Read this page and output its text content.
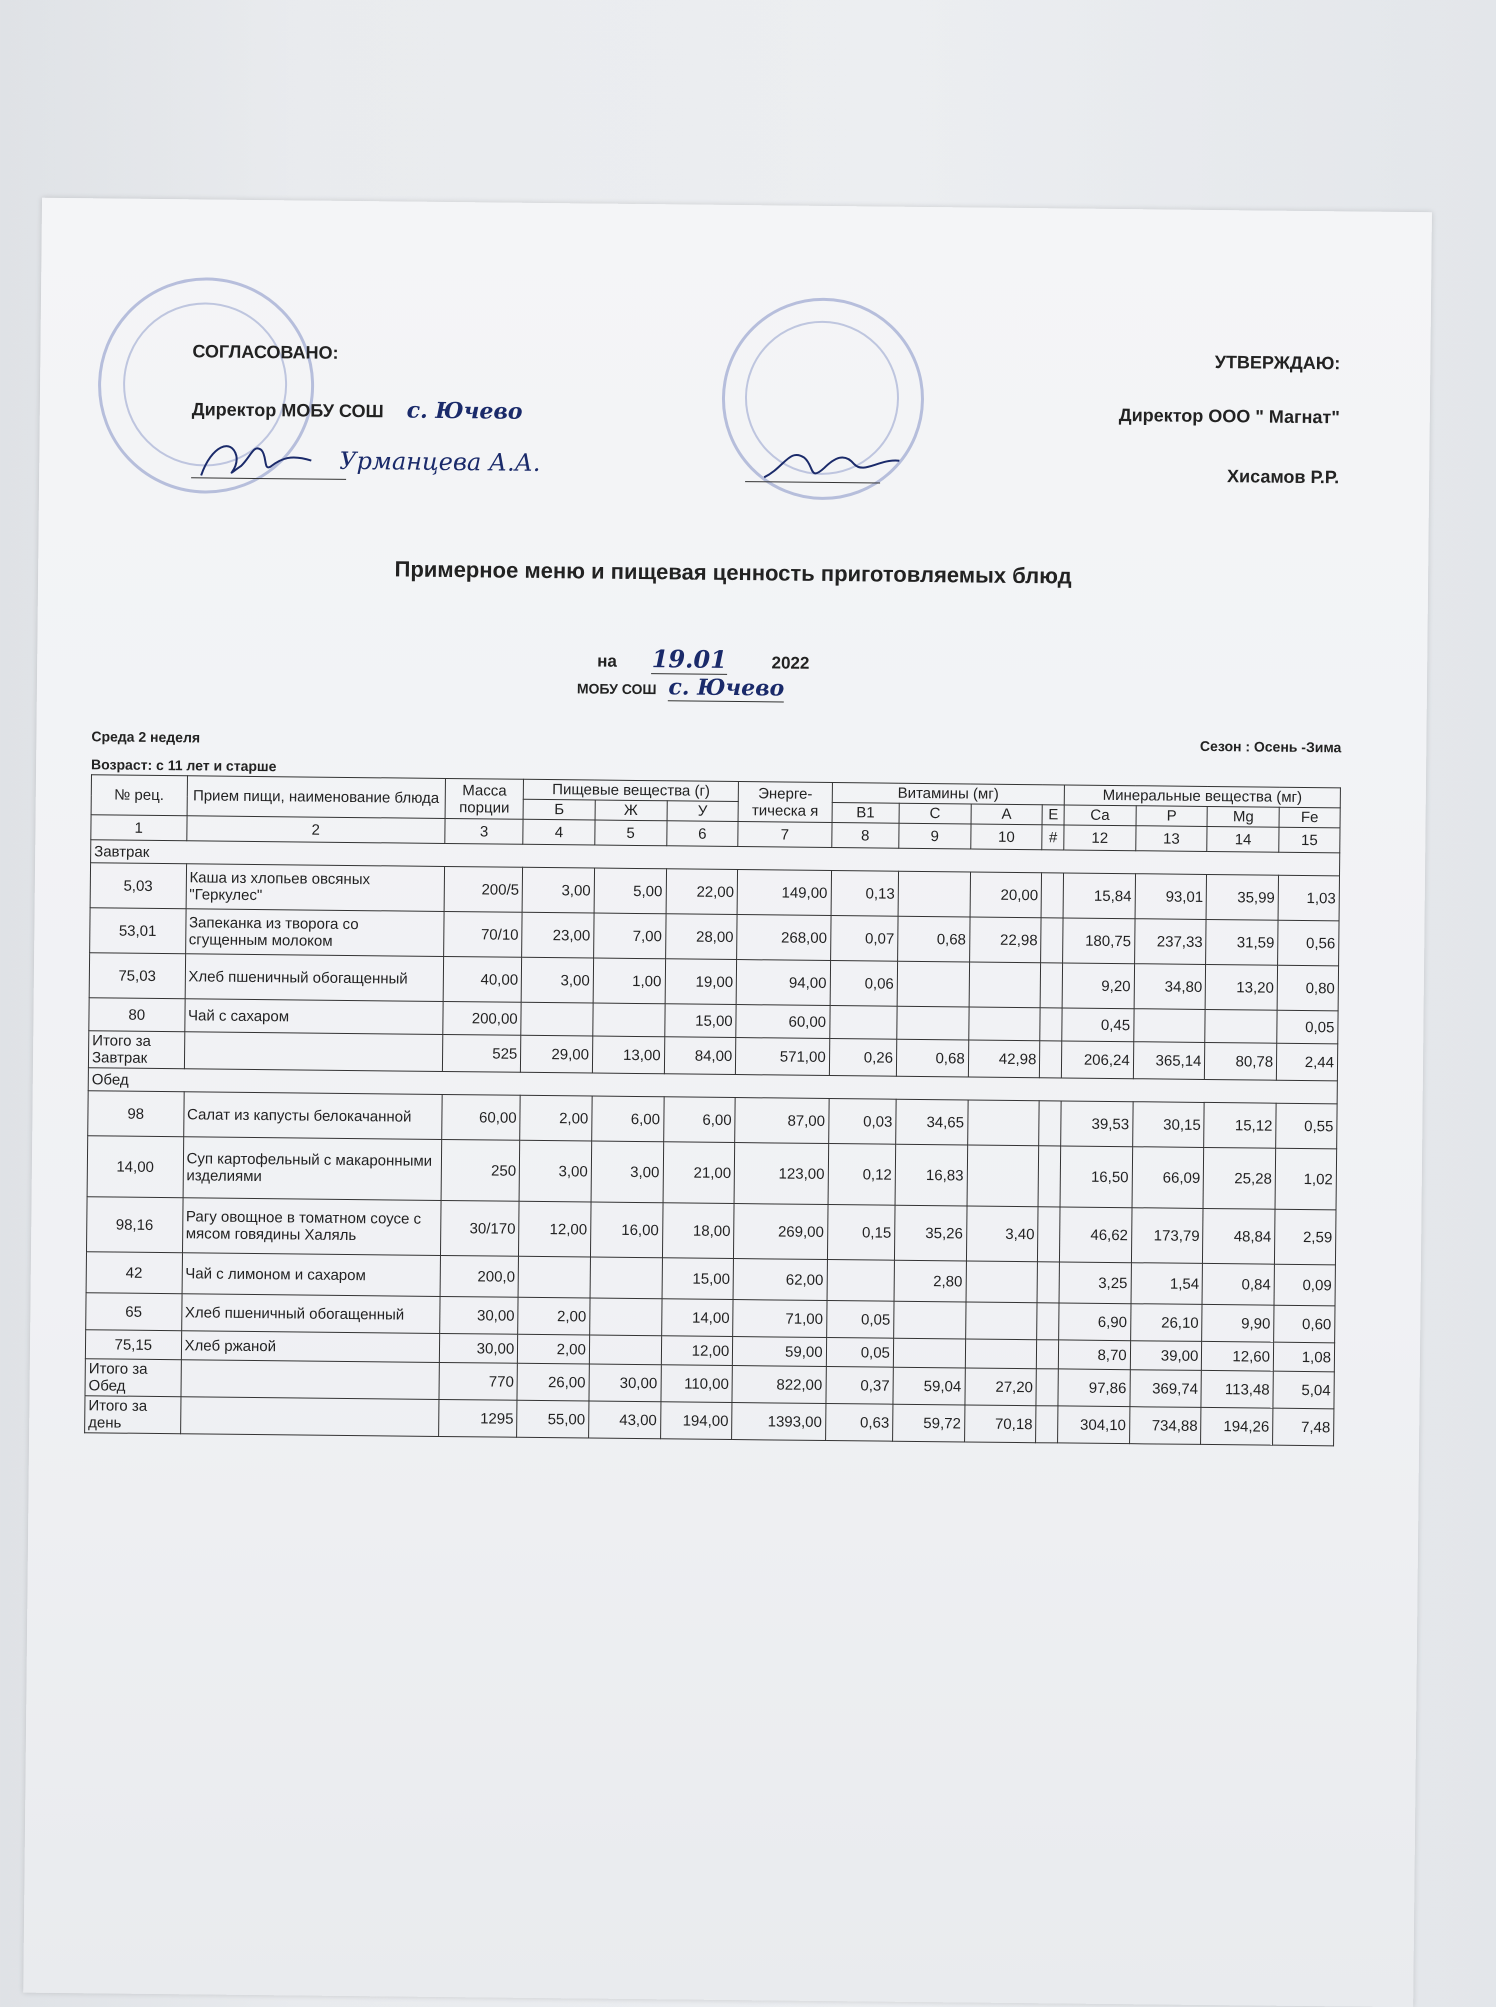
СОГЛАСОВАНО:	УТВЕРЖДАЮ:
Директор МОБУ СОШ с. Ючево	Директор ООО " Магнат"
Урманцева А.А.	Хисамов Р.Р.
Примерное меню и пищевая ценность приготовляемых блюд
на 19.01	2022
МОБУ СОШ с. Ючево
Среда 2 неделя
Сезон : Осень -Зима
Возраст: с 11 лет и старше
№ рец.	Прием пищи, наименование блюда	Масса порции	Пищевые вещества (г)			Энерге-тическа я	Витамины (мг)				Минеральные вещества (мг)			
			Б	Ж	У		В1	С	А	Е	Са	Р	Mg	Fe
1	2	3	4	5	6	7	8	9	10	#	12	13	14	15
Завтрак														
5,03	Каша из хлопьев овсяных "Геркулес"	200/5	3,00	5,00	22,00	149,00	0,13		20,00		15,84	93,01	35,99	1,03
53,01	Запеканка из творога со сгущенным молоком	70/10	23,00	7,00	28,00	268,00	0,07	0,68	22,98		180,75	237,33	31,59	0,56
75,03	Хлеб пшеничный обогащенный	40,00	3,00	1,00	19,00	94,00	0,06				9,20	34,80	13,20	0,80
80	Чай с сахаром	200,00			15,00	60,00					0,45			0,05
Итого за Завтрак		525	29,00	13,00	84,00	571,00	0,26	0,68	42,98		206,24	365,14	80,78	2,44
Обед														
98	Салат из капусты белокачанной	60,00	2,00	6,00	6,00	87,00	0,03	34,65			39,53	30,15	15,12	0,55
14,00	Суп картофельный с макаронными изделиями	250	3,00	3,00	21,00	123,00	0,12	16,83			16,50	66,09	25,28	1,02
98,16	Рагу овощное в томатном соусе с мясом говядины Халяль	30/170	12,00	16,00	18,00	269,00	0,15	35,26	3,40		46,62	173,79	48,84	2,59
42	Чай с лимоном и сахаром	200,0			15,00	62,00		2,80			3,25	1,54	0,84	0,09
65	Хлеб пшеничный обогащенный	30,00	2,00		14,00	71,00	0,05				6,90	26,10	9,90	0,60
75,15	Хлеб ржаной	30,00	2,00		12,00	59,00	0,05				8,70	39,00	12,60	1,08
Итого за Обед		770	26,00	30,00	110,00	822,00	0,37	59,04	27,20		97,86	369,74	113,48	5,04
Итого за день		1295	55,00	43,00	194,00	1393,00	0,63	59,72	70,18		304,10	734,88	194,26	7,48
